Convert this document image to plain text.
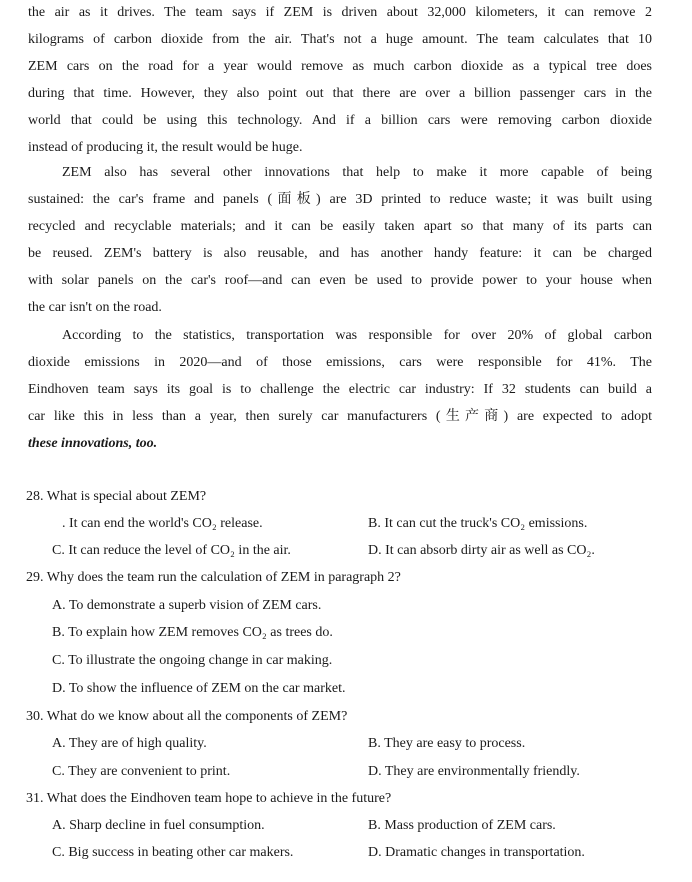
the air as it drives. The team says if ZEM is driven about 32,000 kilometers, it can remove 2
kilograms of carbon dioxide from the air. That's not a huge amount. The team calculates that 10
ZEM cars on the road for a year would remove as much carbon dioxide as a typical tree does
during that time. However, they also point out that there are over a billion passenger cars in the
world that could be using this technology. And if a billion cars were removing carbon dioxide
instead of producing it, the result would be huge.
ZEM also has several other innovations that help to make it more capable of being
sustained: the car's frame and panels (面板) are 3D printed to reduce waste; it was built using
recycled and recyclable materials; and it can be easily taken apart so that many of its parts can
be reused. ZEM's battery is also reusable, and has another handy feature: it can be charged
with solar panels on the car's roof—and can even be used to provide power to your house when
the car isn't on the road.
According to the statistics, transportation was responsible for over 20% of global carbon
dioxide emissions in 2020—and of those emissions, cars were responsible for 41%. The
Eindhoven team says its goal is to challenge the electric car industry: If 32 students can build a
car like this in less than a year, then surely car manufacturers (生产商) are expected to adopt
these innovations, too.
28. What is special about ZEM?
. It can end the world's CO₂ release.	B. It can cut the truck's CO₂ emissions.
C. It can reduce the level of CO₂ in the air.	D. It can absorb dirty air as well as CO₂.
29. Why does the team run the calculation of ZEM in paragraph 2?
A. To demonstrate a superb vision of ZEM cars.
B. To explain how ZEM removes CO₂ as trees do.
C. To illustrate the ongoing change in car making.
D. To show the influence of ZEM on the car market.
30. What do we know about all the components of ZEM?
A. They are of high quality.	B. They are easy to process.
C. They are convenient to print.	D. They are environmentally friendly.
31. What does the Eindhoven team hope to achieve in the future?
A. Sharp decline in fuel consumption.	B. Mass production of ZEM cars.
C. Big success in beating other car makers.	D. Dramatic changes in transportation.
